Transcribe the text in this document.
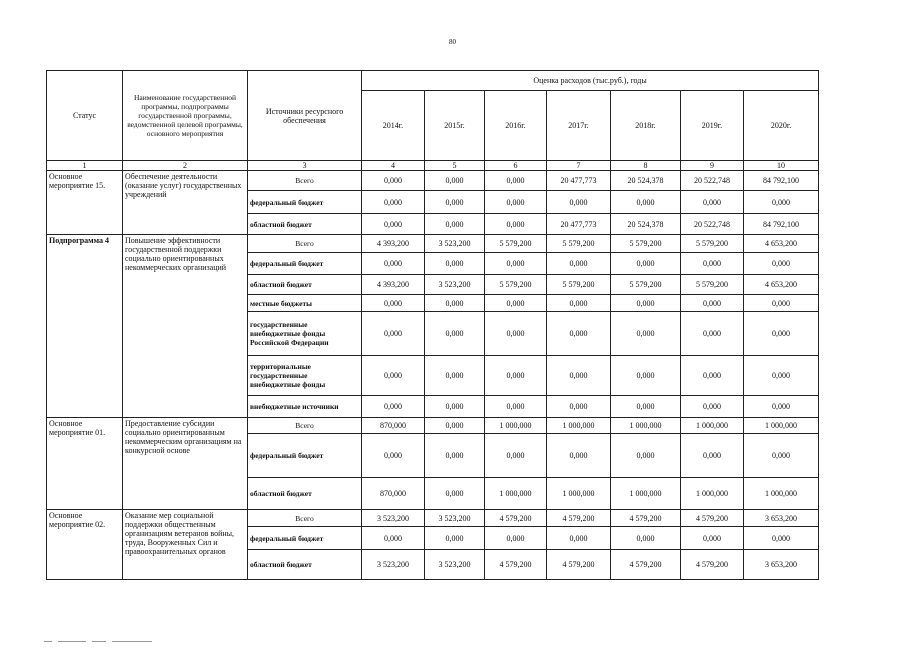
80
Статус	Наименование государственной программы, подпрограммы государственной программы, ведомственной целевой программы, основного мероприятия	Источники ресурсного обеспечения	Оценка расходов (тыс.руб.), годы						
			2014г.	2015г.	2016г.	2017г.	2018г.	2019г.	2020г.
1	2	3	4	5	6	7	8	9	10
Основное мероприятие 15.	Обеспечение деятельности (оказание услуг) государственных учреждений	Всего	0,000	0,000	0,000	20 477,773	20 524,378	20 522,748	84 792,100
		федеральный бюджет	0,000	0,000	0,000	0,000	0,000	0,000	0,000
		областной бюджет	0,000	0,000	0,000	20 477,773	20 524,378	20 522,748	84 792,100
Подпрограмма 4	Повышение эффективности государственной поддержки социально ориентированных некоммерческих организаций	Всего	4 393,200	3 523,200	5 579,200	5 579,200	5 579,200	5 579,200	4 653,200
		федеральный бюджет	0,000	0,000	0,000	0,000	0,000	0,000	0,000
		областной бюджет	4 393,200	3 523,200	5 579,200	5 579,200	5 579,200	5 579,200	4 653,200
		местные бюджеты	0,000	0,000	0,000	0,000	0,000	0,000	0,000
		государственные внебюджетные фонды Российской Федерации	0,000	0,000	0,000	0,000	0,000	0,000	0,000
		территориальные государственные внебюджетные фонды	0,000	0,000	0,000	0,000	0,000	0,000	0,000
		внебюджетные источники	0,000	0,000	0,000	0,000	0,000	0,000	0,000
Основное мероприятие 01.	Предоставление субсидии социально ориентированным некоммерческим организациям на конкурсной основе	Всего	870,000	0,000	1 000,000	1 000,000	1 000,000	1 000,000	1 000,000
		федеральный бюджет	0,000	0,000	0,000	0,000	0,000	0,000	0,000
		областной бюджет	870,000	0,000	1 000,000	1 000,000	1 000,000	1 000,000	1 000,000
Основное мероприятие 02.	Оказание мер социальной поддержки общественным организациям ветеранов войны, труда, Вооруженных Сил и правоохранительных органов	Всего	3 523,200	3 523,200	4 579,200	4 579,200	4 579,200	4 579,200	3 653,200
		федеральный бюджет	0,000	0,000	0,000	0,000	0,000	0,000	0,000
		областной бюджет	3 523,200	3 523,200	4 579,200	4 579,200	4 579,200	4 579,200	3 653,200
